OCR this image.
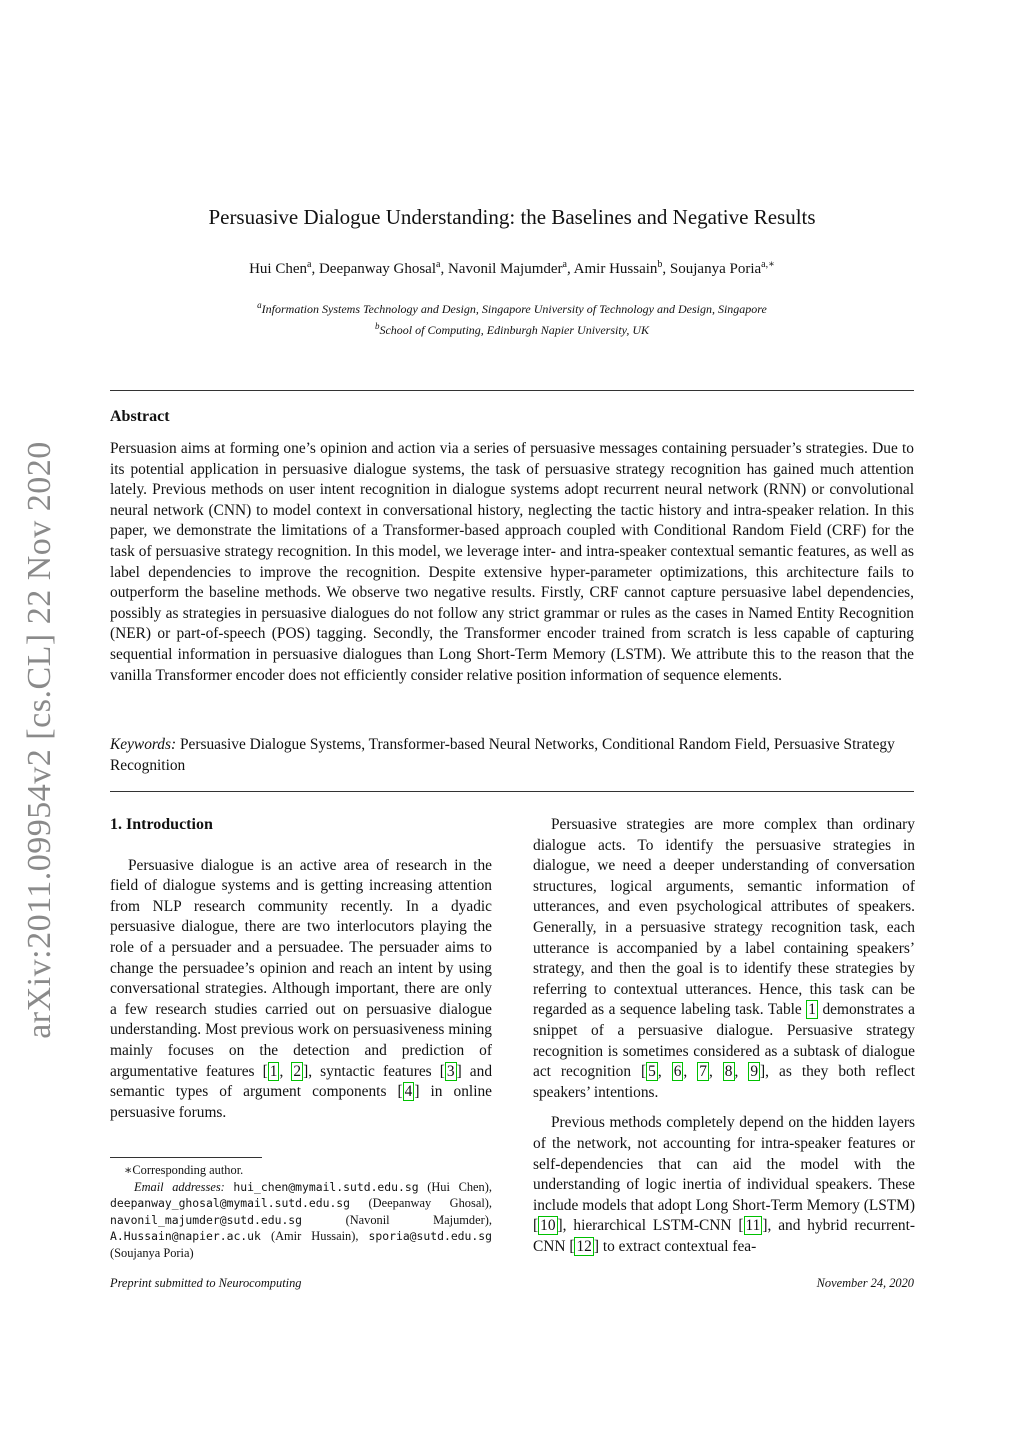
arXiv:2011.09954v2 [cs.CL] 22 Nov 2020
Persuasive Dialogue Understanding: the Baselines and Negative Results
Hui Chen$^a$, Deepanway Ghosal$^a$, Navonil Majumder$^a$, Amir Hussain$^b$, Soujanya Poria$^{a,∗}$
$^a$Information Systems Technology and Design, Singapore University of Technology and Design, Singapore
$^b$School of Computing, Edinburgh Napier University, UK
Abstract
Persuasion aims at forming one’s opinion and action via a series of persuasive messages containing persuader’s strategies. Due to its potential application in persuasive dialogue systems, the task of persuasive strategy recognition has gained much attention lately. Previous methods on user intent recognition in dialogue systems adopt recurrent neural network (RNN) or convolutional neural network (CNN) to model context in conversational history, neglecting the tactic history and intra-speaker relation. In this paper, we demonstrate the limitations of a Transformer-based approach coupled with Conditional Random Field (CRF) for the task of persuasive strategy recognition. In this model, we leverage inter- and intra-speaker contextual semantic features, as well as label dependencies to improve the recognition. Despite extensive hyper-parameter optimizations, this architecture fails to outperform the baseline methods. We observe two negative results. Firstly, CRF cannot capture persuasive label dependencies, possibly as strategies in persuasive dialogues do not follow any strict grammar or rules as the cases in Named Entity Recognition (NER) or part-of-speech (POS) tagging. Secondly, the Transformer encoder trained from scratch is less capable of capturing sequential information in persuasive dialogues than Long Short-Term Memory (LSTM). We attribute this to the reason that the vanilla Transformer encoder does not efficiently consider relative position information of sequence elements.
Keywords: Persuasive Dialogue Systems, Transformer-based Neural Networks, Conditional Random Field, Persuasive Strategy Recognition
1. Introduction

Persuasive dialogue is an active area of research in the field of dialogue systems and is getting increasing attention from NLP research community recently. In a dyadic persuasive dialogue, there are two interlocutors playing the role of a persuader and a persuadee. The persuader aims to change the persuadee’s opinion and reach an intent by using conversational strategies. Although important, there are only a few research studies carried out on persuasive dialogue understanding. Most previous work on persuasiveness mining mainly focuses on the detection and prediction of argumentative features [ 1 , 2 ], syntactic features [ 3 ] and semantic types of argument components [ 4 ] in online persuasive forums.

Persuasive strategies are more complex than ordinary dialogue acts. To identify the persuasive strategies in dialogue, we need a deeper understanding of conversation structures, logical arguments, semantic information of utterances, and even psychological attributes of speakers. Generally, in a persuasive strategy recognition task, each utterance is accompanied by a label containing speakers’ strategy, and then the goal is to identify these strategies by referring to contextual utterances. Hence, this task can be regarded as a sequence labeling task. Table 1 demonstrates a snippet of a persuasive dialogue. Persuasive strategy recognition is sometimes considered as a subtask of dialogue act recognition [ 5 , 6 , 7 , 8 , 9 ], as they both reflect speakers’ intentions.

Previous methods completely depend on the hidden layers of the network, not accounting for intra-speaker features or self-dependencies that can aid the model with the understanding of logic inertia of individual speakers. These include models that adopt Long Short-Term Memory (LSTM) [ 10 ], hierarchical LSTM-CNN [ 11 ], and hybrid recurrent-CNN [ 12 ] to extract contextual fea-

∗Corresponding author.
Email addresses: hui_chen@mymail.sutd.edu.sg (Hui Chen), deepanway_ghosal@mymail.sutd.edu.sg (Deepanway Ghosal), navonil_majumder@sutd.edu.sg	(Navonil Majumder), A.Hussain@napier.ac.uk (Amir Hussain), sporia@sutd.edu.sg (Soujanya Poria)
Preprint submitted to Neurocomputing	November 24, 2020
